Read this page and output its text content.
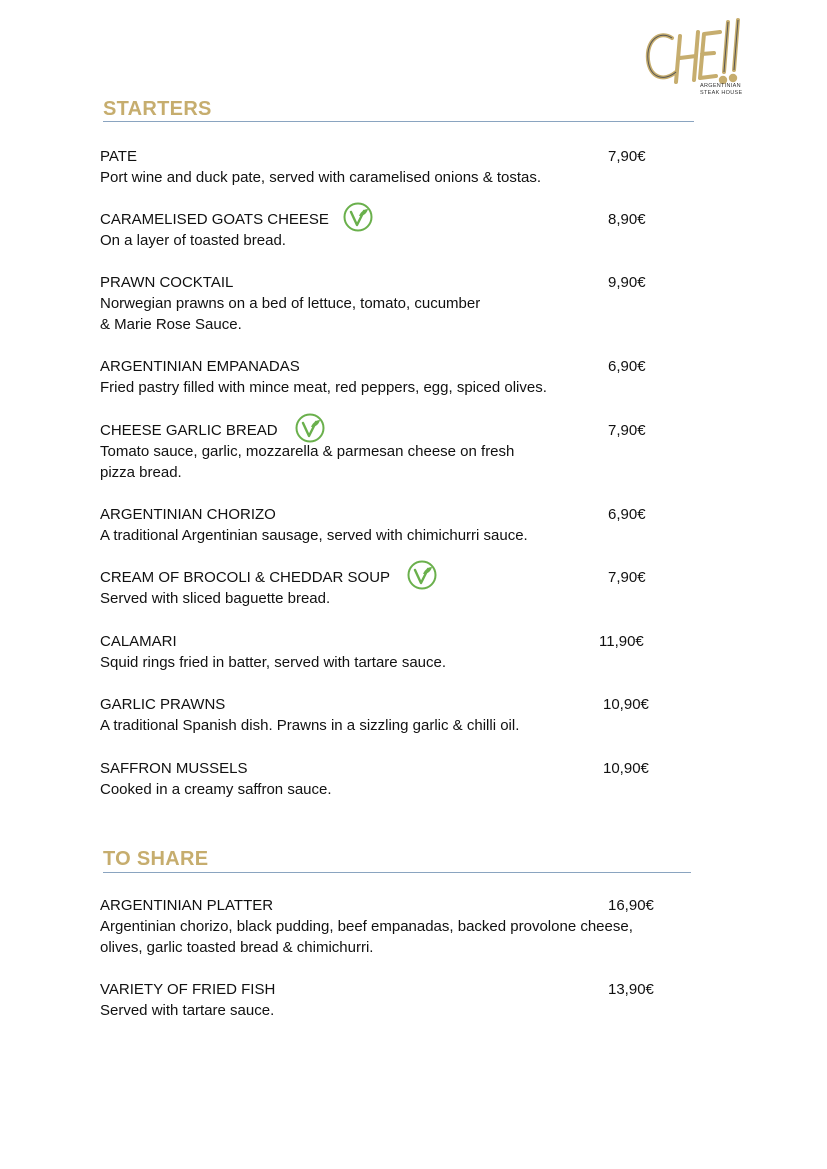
ARGENTINIAN
STEAK HOUSE
STARTERS
PATE	7,90€
Port wine and duck pate, served with caramelised onions & tostas.
CARAMELISED GOATS CHEESE	8,90€
On a layer of toasted bread.
PRAWN COCKTAIL	9,90€
Norwegian prawns on a bed of lettuce, tomato, cucumber
& Marie Rose Sauce.
ARGENTINIAN EMPANADAS	6,90€
Fried pastry filled with mince meat, red peppers, egg, spiced olives.
CHEESE GARLIC BREAD	7,90€
Tomato sauce, garlic, mozzarella & parmesan cheese on fresh
pizza bread.
ARGENTINIAN CHORIZO	6,90€
A traditional Argentinian sausage, served with chimichurri sauce.
CREAM OF BROCOLI & CHEDDAR SOUP	7,90€
Served with sliced baguette bread.
CALAMARI	11,90€
Squid rings fried in batter, served with tartare sauce.
GARLIC PRAWNS	10,90€
A traditional Spanish dish. Prawns in a sizzling garlic & chilli oil.
SAFFRON MUSSELS	10,90€
Cooked in a creamy saffron sauce.
TO SHARE
ARGENTINIAN PLATTER	16,90€
Argentinian chorizo, black pudding, beef empanadas, backed provolone cheese,
olives, garlic toasted bread & chimichurri.
VARIETY OF FRIED FISH	13,90€
Served with tartare sauce.
